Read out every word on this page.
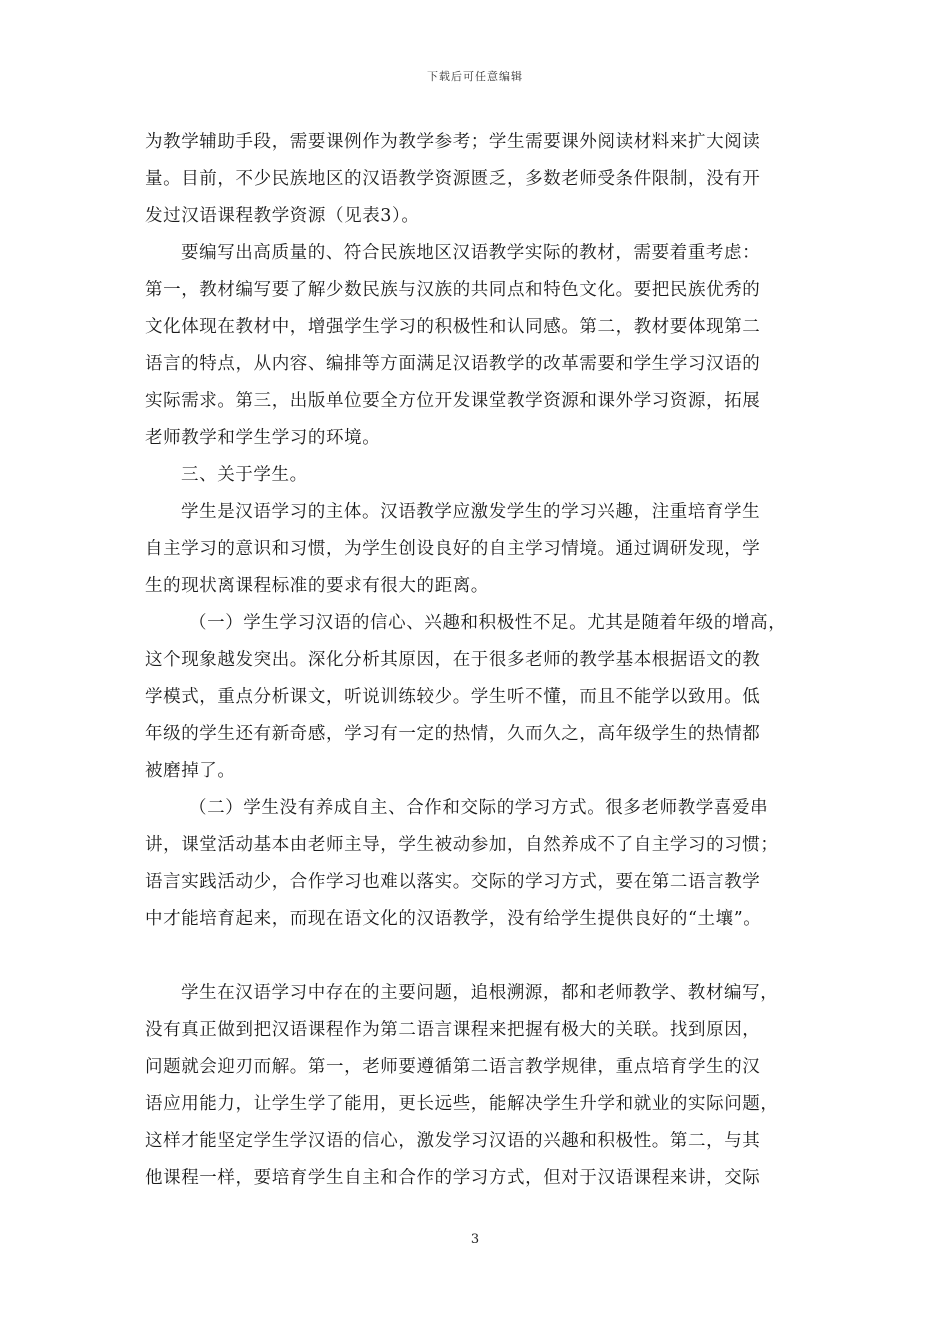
下载后可任意编辑
为教学辅助手段，需要课例作为教学参考；学生需要课外阅读材料来扩大阅读
量。目前，不少民族地区的汉语教学资源匮乏，多数老师受条件限制，没有开
发过汉语课程教学资源（见表3）。
要编写出高质量的、符合民族地区汉语教学实际的教材，需要着重考虑：
第一，教材编写要了解少数民族与汉族的共同点和特色文化。要把民族优秀的
文化体现在教材中，增强学生学习的积极性和认同感。第二，教材要体现第二
语言的特点，从内容、编排等方面满足汉语教学的改革需要和学生学习汉语的
实际需求。第三，出版单位要全方位开发课堂教学资源和课外学习资源，拓展
老师教学和学生学习的环境。
三、关于学生。
学生是汉语学习的主体。汉语教学应激发学生的学习兴趣，注重培育学生
自主学习的意识和习惯，为学生创设良好的自主学习情境。通过调研发现，学
生的现状离课程标准的要求有很大的距离。
（一）学生学习汉语的信心、兴趣和积极性不足。尤其是随着年级的增高，
这个现象越发突出。深化分析其原因，在于很多老师的教学基本根据语文的教
学模式，重点分析课文，听说训练较少。学生听不懂，而且不能学以致用。低
年级的学生还有新奇感，学习有一定的热情，久而久之，高年级学生的热情都
被磨掉了。
（二）学生没有养成自主、合作和交际的学习方式。很多老师教学喜爱串
讲，课堂活动基本由老师主导，学生被动参加，自然养成不了自主学习的习惯；
语言实践活动少，合作学习也难以落实。交际的学习方式，要在第二语言教学
中才能培育起来，而现在语文化的汉语教学，没有给学生提供良好的“土壤”。
学生在汉语学习中存在的主要问题，追根溯源，都和老师教学、教材编写，
没有真正做到把汉语课程作为第二语言课程来把握有极大的关联。找到原因，
问题就会迎刃而解。第一，老师要遵循第二语言教学规律，重点培育学生的汉
语应用能力，让学生学了能用，更长远些，能解决学生升学和就业的实际问题，
这样才能坚定学生学汉语的信心，激发学习汉语的兴趣和积极性。第二，与其
他课程一样，要培育学生自主和合作的学习方式，但对于汉语课程来讲，交际
3
